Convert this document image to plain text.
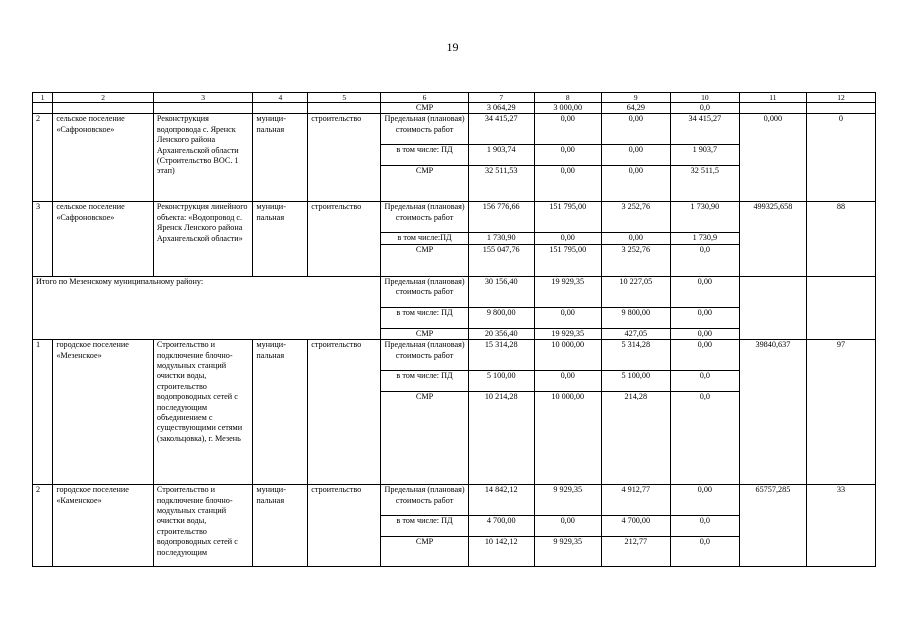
19
1	2	3	4	5	6	7	8	9	10	11	12
					СМР	3 064,29	3 000,00	64,29	0,0		
2	сельское поселение «Сафроновское»	Реконструкция водопровода с. Яренск Ленского района Архангельской области (Строительство ВОС. 1 этап)	муници-пальная	строительство	Предельная (плановая) стоимость работ	34 415,27	0,00	0,00	34 415,27	0,000	0
					в том числе: ПД	1 903,74	0,00	0,00	1 903,7		
					СМР	32 511,53	0,00	0,00	32 511,5		
3	сельское поселение «Сафроновское»	Реконструкция линейного объекта: «Водопровод с. Яренск Ленского района Архангельской области»	муници-пальная	строительство	Предельная (плановая) стоимость работ	156 776,66	151 795,00	3 252,76	1 730,90	499325,658	88
					в том числе:ПД	1 730,90	0,00	0,00	1 730,9		
					СМР	155 047,76	151 795,00	3 252,76	0,0		
Итого по Мезенскому муниципальному району:					Предельная (плановая) стоимость работ	30 156,40	19 929,35	10 227,05	0,00		
					в том числе: ПД	9 800,00	0,00	9 800,00	0,00		
					СМР	20 356,40	19 929,35	427,05	0,00		
1	городское поселение «Мезенское»	Строительство и подключение блочно-модульных станций очистки воды, строительство водопроводных сетей с последующим объединением с существующими сетями (закольцовка), г. Мезень	муници-пальная	строительство	Предельная (плановая) стоимость работ	15 314,28	10 000,00	5 314,28	0,00	39840,637	97
					в том числе: ПД	5 100,00	0,00	5 100,00	0,0		
					СМР	10 214,28	10 000,00	214,28	0,0		
2	городское поселение «Каменское»	Строительство и подключение блочно-модульных станций очистки воды, строительство водопроводных сетей с последующим	муници-пальная	строительство	Предельная (плановая) стоимость работ	14 842,12	9 929,35	4 912,77	0,00	65757,285	33
					в том числе: ПД	4 700,00	0,00	4 700,00	0,0		
					СМР	10 142,12	9 929,35	212,77	0,0		
